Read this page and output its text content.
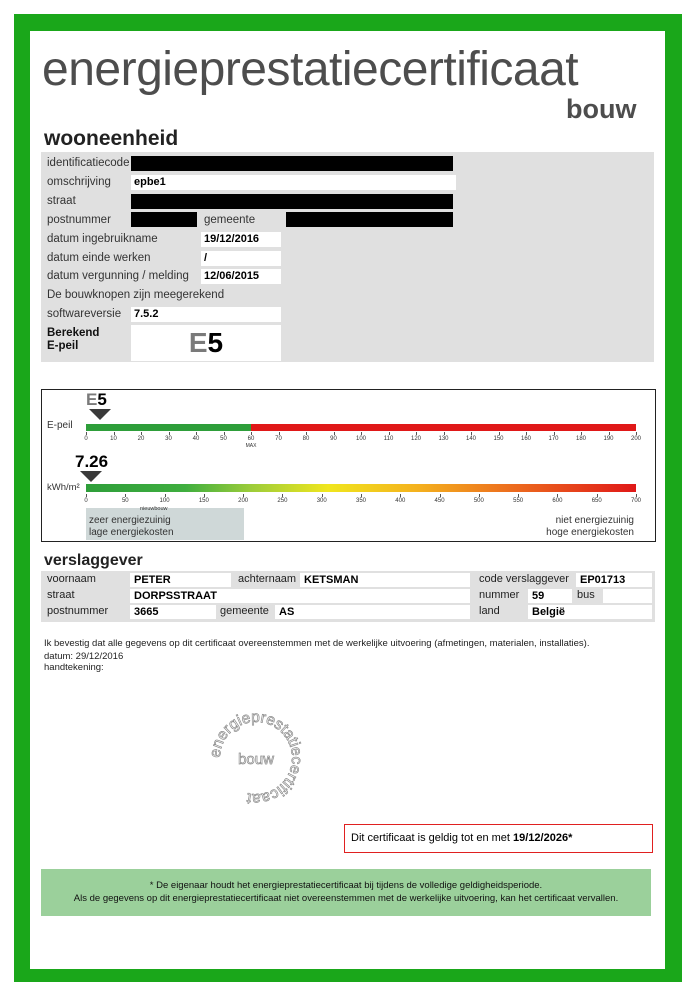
energieprestatiecertificaat
bouw
wooneenheid
identificatiecode
omschrijving epbe1
straat
postnummer	gemeente
datum ingebruikname	19/12/2016
datum einde werken	/
datum vergunning / melding 12/06/2015
De bouwknopen zijn meegerekend
softwareversie 7.5.2
Berekend
E-peil	E5
E5
E-peil
0	10	20	30	40	50	60
MAX
70	80	90	100	110	120	130	140	150	160	170	180	190	200
7.26
kWh/m²
0	50	100	150	200	250	300	350	400	450	500	550	600	650	700
nieuwbouw
zeer energiezuinig
lage energiekosten
niet energiezuinig
hoge energiekosten
verslaggever
voornaam	PETER	achternaam KETSMAN	code verslaggever	EP01713
straat	DORPSSTRAAT	nummer	59	bus
postnummer	3665	gemeente AS	land	België
Ik bevestig dat alle gegevens op dit certificaat overeenstemmen met de werkelijke uitvoering (afmetingen, materialen, installaties).
datum: 29/12/2016
handtekening:
energieprestatiecertificaat
bouw
Dit certificaat is geldig tot en met 19/12/2026*
* De eigenaar houdt het energieprestatiecertificaat bij tijdens de volledige geldigheidsperiode.
Als de gegevens op dit energieprestatiecertificaat niet overeenstemmen met de werkelijke uitvoering, kan het certificaat vervallen.
